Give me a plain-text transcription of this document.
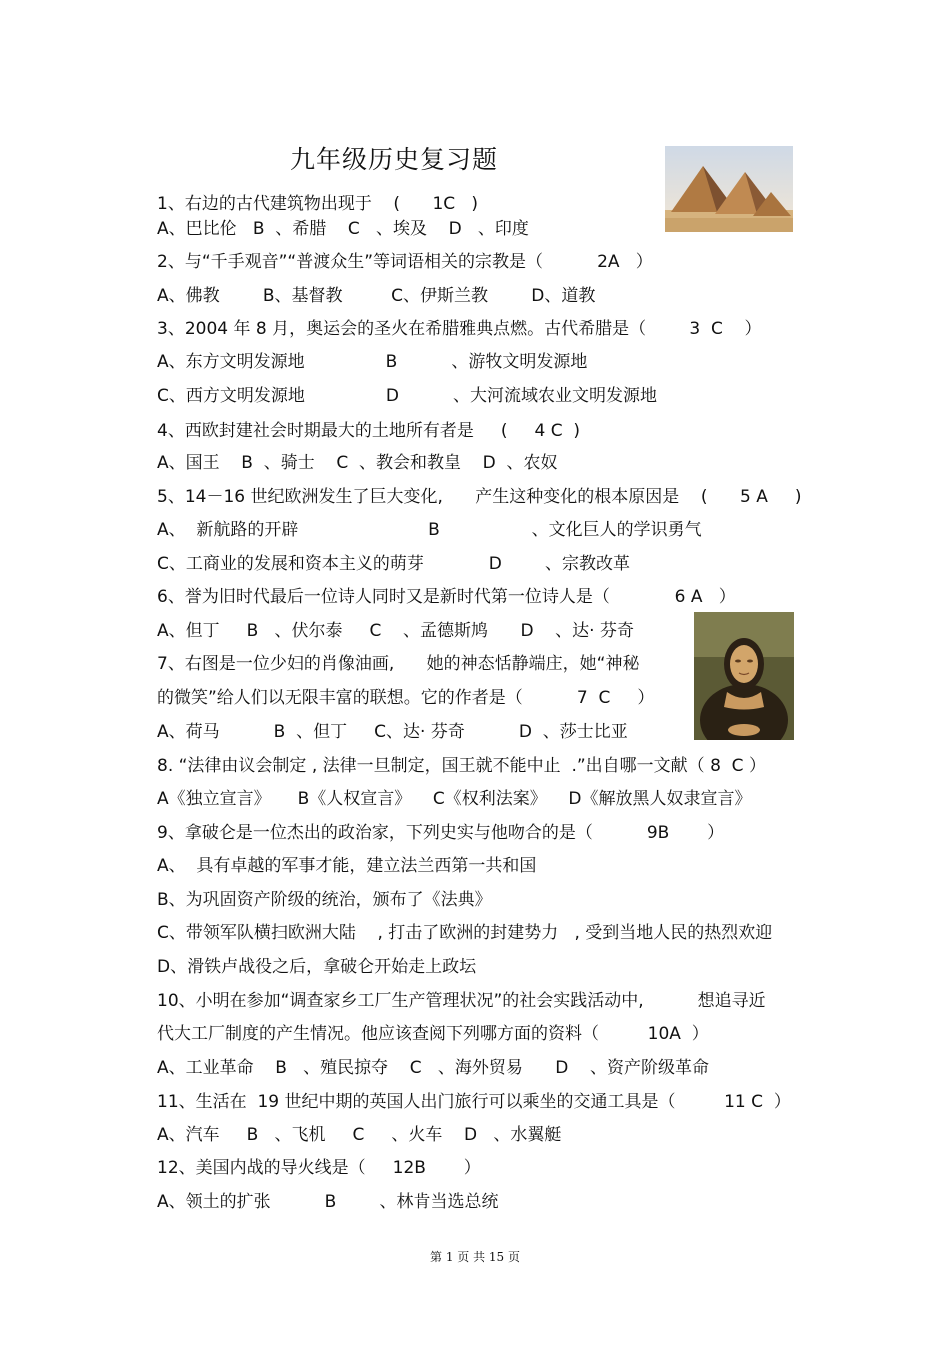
九年级历史复习题
1、右边的古代建筑物出现于    (      1C   )
A、巴比伦   B  、希腊    C   、埃及    D   、印度
2、与“千手观音”“普渡众生”等词语相关的宗教是（          2A   ）
A、佛教        B、基督教         C、伊斯兰教        D、道教
3、2004 年 8 月，奥运会的圣火在希腊雅典点燃。古代希腊是（        3  C    ）
A、东方文明发源地               B          、游牧文明发源地
C、西方文明发源地               D          、大河流域农业文明发源地
4、西欧封建社会时期最大的土地所有者是     (     4 C  )
A、国王    B  、骑士    C  、教会和教皇    D  、农奴
5、14－16 世纪欧洲发生了巨大变化,      产生这种变化的根本原因是    (      5 A     )
A、  新航路的开辟                        B                 、文化巨人的学识勇气
C、工商业的发展和资本主义的萌芽            D        、宗教改革
6、誉为旧时代最后一位诗人同时又是新时代第一位诗人是（            6 A   ）
A、但丁     B   、伏尔泰     C    、孟德斯鸠      D    、达· 芬奇
7、右图是一位少妇的肖像油画,      她的神态恬静端庄，她“神秘
的微笑”给人们以无限丰富的联想。它的作者是（          7  C     ）
A、荷马          B  、但丁     C、达· 芬奇          D  、莎士比亚
8. “法律由议会制定 , 法律一旦制定，国王就不能中止  .”出自哪一文献（ 8  C ）
A《独立宣言》     B《人权宣言》    C《权利法案》    D《解放黑人奴隶宣言》
9、拿破仑是一位杰出的政治家，下列史实与他吻合的是（          9B       ）
A、  具有卓越的军事才能，建立法兰西第一共和国
B、为巩固资产阶级的统治，颁布了《法典》
C、带领军队横扫欧洲大陆    , 打击了欧洲的封建势力   , 受到当地人民的热烈欢迎
D、滑铁卢战役之后，拿破仑开始走上政坛
10、小明在参加“调查家乡工厂生产管理状况”的社会实践活动中,          想追寻近
代大工厂制度的产生情况。他应该查阅下列哪方面的资料（         10A  ）
A、工业革命    B   、殖民掠夺    C   、海外贸易      D    、资产阶级革命
11、生活在  19 世纪中期的英国人出门旅行可以乘坐的交通工具是（         11 C  ）
A、汽车     B   、飞机     C     、火车    D   、水翼艇
12、美国内战的导火线是（     12B       ）
A、领土的扩张          B        、林肯当选总统
第 1 页 共 15 页
